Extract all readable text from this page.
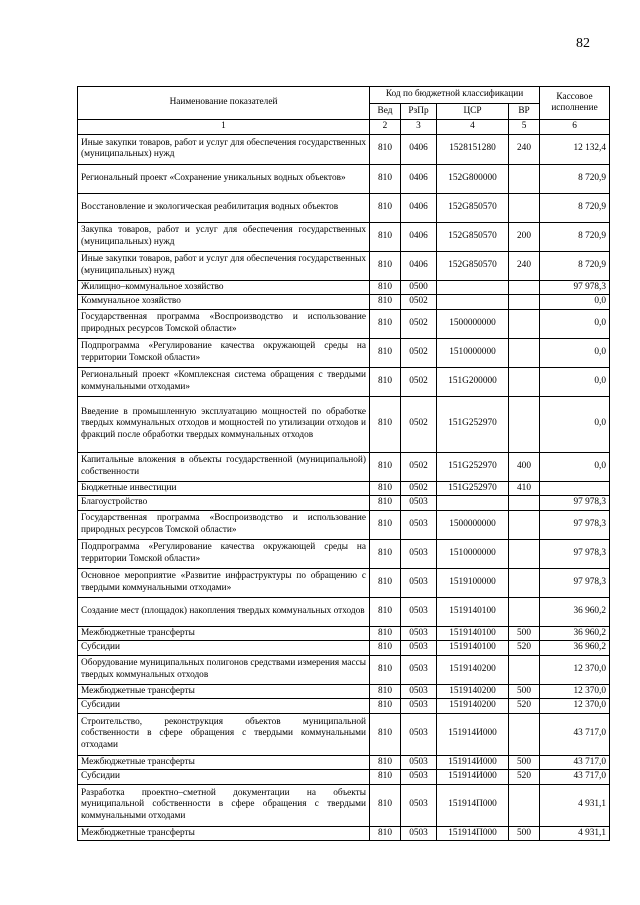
82
Наименование показателей	Код по бюджетной классификации				Кассовое исполнение
	Вед	РзПр	ЦСР	ВР	
1	2	3	4	5	6
Иные закупки товаров, работ и услуг для обеспечения государственных (муниципальных) нужд	810	0406	1528151280	240	12 132,4
Региональный проект «Сохранение уникальных водных объектов»	810	0406	152G800000		8 720,9
Восстановление и экологическая реабилитация водных объектов	810	0406	152G850570		8 720,9
Закупка товаров, работ и услуг для обеспечения государственных (муниципальных) нужд	810	0406	152G850570	200	8 720,9
Иные закупки товаров, работ и услуг для обеспечения государственных (муниципальных) нужд	810	0406	152G850570	240	8 720,9
Жилищно–коммунальное хозяйство	810	0500			97 978,3
Коммунальное хозяйство	810	0502			0,0
Государственная программа «Воспроизводство и использование природных ресурсов Томской области»	810	0502	1500000000		0,0
Подпрограмма «Регулирование качества окружающей среды на территории Томской области»	810	0502	1510000000		0,0
Региональный проект «Комплексная система обращения с твердыми коммунальными отходами»	810	0502	151G200000		0,0
Введение в промышленную эксплуатацию мощностей по обработке твердых коммунальных отходов и мощностей по утилизации отходов и фракций после обработки твердых коммунальных отходов	810	0502	151G252970		0,0
Капитальные вложения в объекты государственной (муниципальной) собственности	810	0502	151G252970	400	0,0
Бюджетные инвестиции	810	0502	151G252970	410	
Благоустройство	810	0503			97 978,3
Государственная программа «Воспроизводство и использование природных ресурсов Томской области»	810	0503	1500000000		97 978,3
Подпрограмма «Регулирование качества окружающей среды на территории Томской области»	810	0503	1510000000		97 978,3
Основное мероприятие «Развитие инфраструктуры по обращению с твердыми коммунальными отходами»	810	0503	1519100000		97 978,3
Создание мест (площадок) накопления твердых коммунальных отходов	810	0503	1519140100		36 960,2
Межбюджетные трансферты	810	0503	1519140100	500	36 960,2
Субсидии	810	0503	1519140100	520	36 960,2
Оборудование муниципальных полигонов средствами измерения массы твердых коммунальных отходов	810	0503	1519140200		12 370,0
Межбюджетные трансферты	810	0503	1519140200	500	12 370,0
Субсидии	810	0503	1519140200	520	12 370,0
Строительство, реконструкция объектов муниципальной собственности в сфере обращения с твердыми коммунальными отходами	810	0503	151914И000		43 717,0
Межбюджетные трансферты	810	0503	151914И000	500	43 717,0
Субсидии	810	0503	151914И000	520	43 717,0
Разработка проектно–сметной документации на объекты муниципальной собственности в сфере обращения с твердыми коммунальными отходами	810	0503	151914П000		4 931,1
Межбюджетные трансферты	810	0503	151914П000	500	4 931,1
